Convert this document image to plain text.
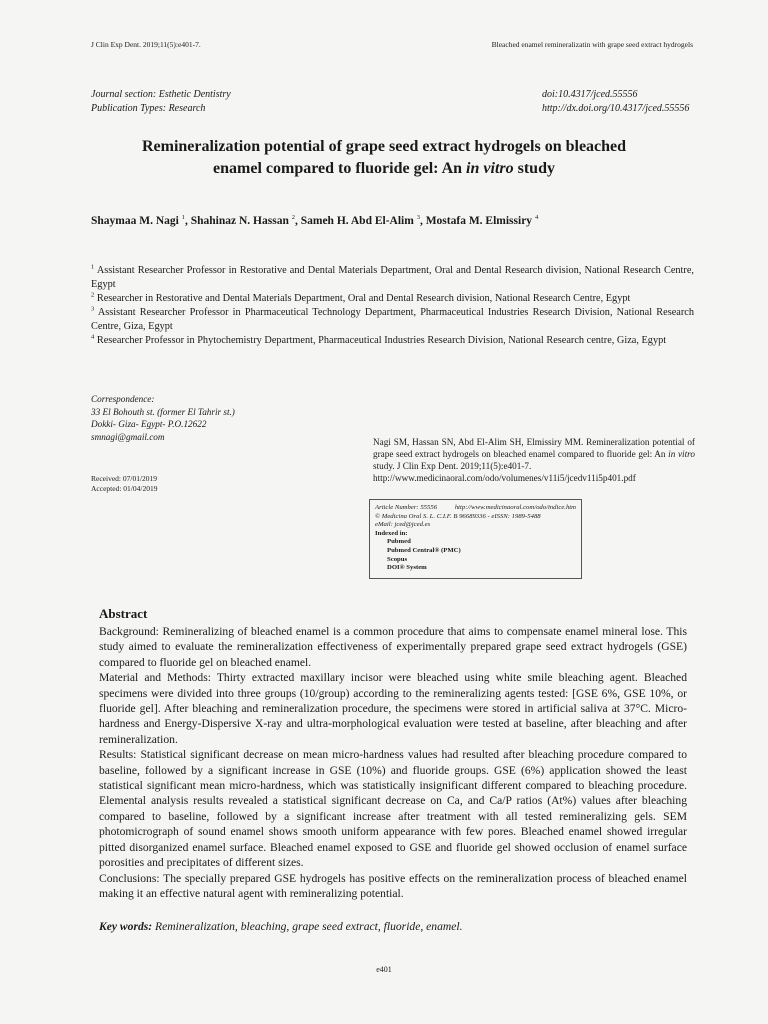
J Clin Exp Dent. 2019;11(5):e401-7.	Bleached enamel remineralizatin with grape seed extract hydrogels
Journal section: Esthetic Dentistry
Publication Types: Research
doi:10.4317/jced.55556
http://dx.doi.org/10.4317/jced.55556
Remineralization potential of grape seed extract hydrogels on bleached
enamel compared to fluoride gel: An in vitro study
Shaymaa M. Nagi $^1$, Shahinaz N. Hassan $^2$, Sameh H. Abd El-Alim $^3$, Mostafa M. Elmissiry $^4$

$^1$ Assistant Researcher Professor in Restorative and Dental Materials Department, Oral and Dental Research division, National Research Centre, Egypt

$^2$ Researcher in Restorative and Dental Materials Department, Oral and Dental Research division, National Research Centre, Egypt

$^3$ Assistant Researcher Professor in Pharmaceutical Technology Department, Pharmaceutical Industries Research Division, National Research Centre, Giza, Egypt

$^4$ Researcher Professor in Phytochemistry Department, Pharmaceutical Industries Research Division, National Research centre, Giza, Egypt

Correspondence:
33 El Bohouth st. (former El Tahrir st.)
Dokki- Giza- Egypt- P.O.12622
smnagi@gmail.com
Received: 07/01/2019
Accepted: 01/04/2019
Nagi SM, Hassan SN, Abd El-Alim SH, Elmissiry MM. Remineralization potential of grape seed extract hydrogels on bleached enamel compared to fluoride gel: An in vitro study. J Clin Exp Dent. 2019;11(5):e401-7.
http://www.medicinaoral.com/odo/volumenes/v11i5/jcedv11i5p401.pdf
Article Number: 55556	http://www.medicinaoral.com/odo/indice.htm
© Medicina Oral S. L. C.I.F. B 96689336 - eISSN: 1989-5488
eMail: jced@jced.es
Indexed in:
Pubmed
Pubmed Central® (PMC)
Scopus
DOI® System
Abstract

Background: Remineralizing of bleached enamel is a common procedure that aims to compensate enamel mineral lose. This study aimed to evaluate the remineralization effectiveness of experimentally prepared grape seed extract hydrogels (GSE) compared to fluoride gel on bleached enamel.

Material and Methods: Thirty extracted maxillary incisor were bleached using white smile bleaching agent. Bleached specimens were divided into three groups (10/group) according to the remineralizing agents tested: [GSE 6%, GSE 10%, or fluoride gel]. After bleaching and remineralization procedure, the specimens were stored in artificial saliva at 37°C. Micro-hardness and Energy-Dispersive X-ray and ultra-morphological evaluation were tested at baseline, after bleaching and after remineralization.

Results: Statistical significant decrease on mean micro-hardness values had resulted after bleaching procedure compared to baseline, followed by a significant increase in GSE (10%) and fluoride groups. GSE (6%) application showed the least statistical significant mean micro-hardness, which was statistically insignificant different compared to bleaching procedure. Elemental analysis results revealed a statistical significant decrease on Ca, and Ca/P ratios (At%) values after bleaching compared to baseline, followed by a significant increase after treatment with all tested remineralizing gels. SEM photomicrograph of sound enamel shows smooth uniform appearance with few pores. Bleached enamel showed irregular pitted disorganized enamel surface. Bleached enamel exposed to GSE and fluoride gel showed occlusion of enamel surface porosities and precipitates of different sizes.

Conclusions: The specially prepared GSE hydrogels has positive effects on the remineralization process of bleached enamel making it an effective natural agent with remineralizing potential.

Key words: Remineralization, bleaching, grape seed extract, fluoride, enamel.
e401
